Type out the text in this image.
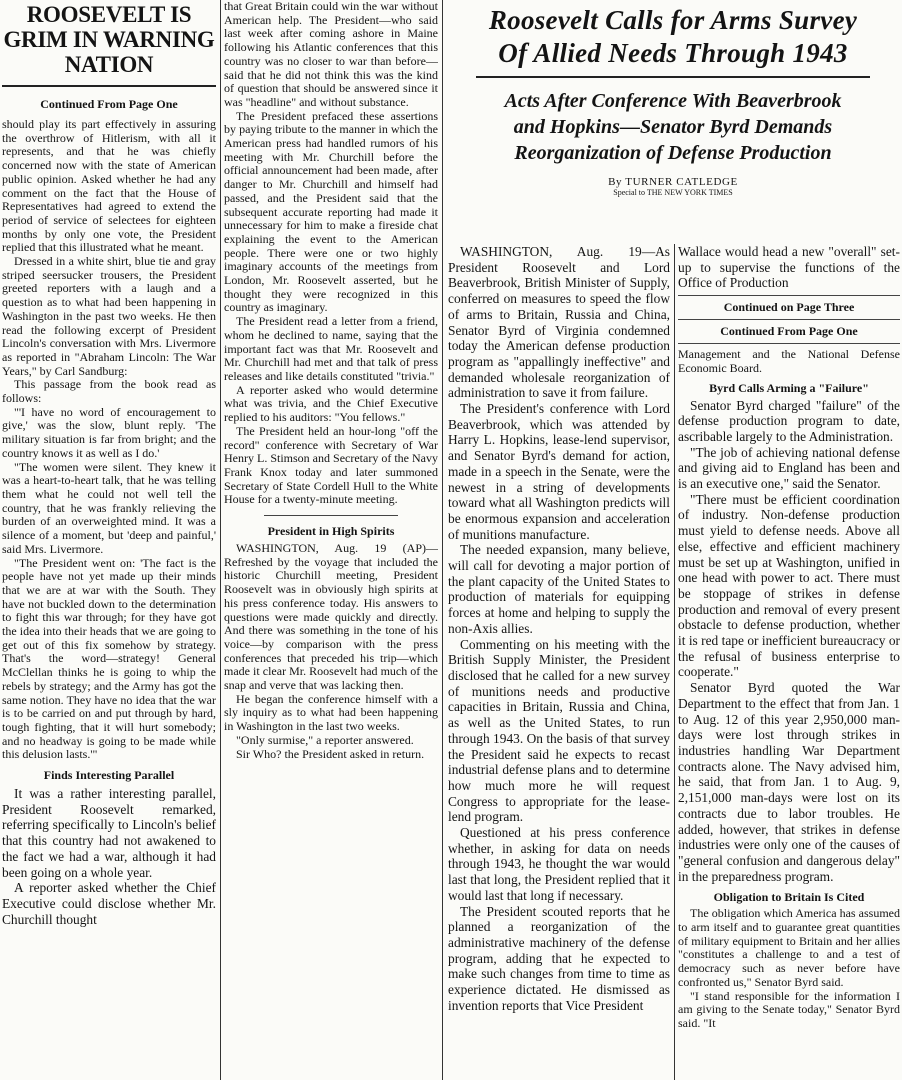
ROOSEVELT IS GRIM IN WARNING NATION
Continued From Page One

should play its part effectively in assuring the overthrow of Hitlerism, with all it represents, and that he was chiefly concerned now with the state of American public opinion. Asked whether he had any comment on the fact that the House of Representatives had agreed to extend the period of service of selectees for eighteen months by only one vote, the President replied that this illustrated what he meant.

Dressed in a white shirt, blue tie and gray striped seersucker trousers, the President greeted reporters with a laugh and a question as to what had been happening in Washington in the past two weeks. He then read the following excerpt of President Lincoln's conversation with Mrs. Livermore as reported in "Abraham Lincoln: The War Years," by Carl Sandburg:

This passage from the book read as follows:

"'I have no word of encouragement to give,' was the slow, blunt reply. 'The military situation is far from bright; and the country knows it as well as I do.'

"The women were silent. They knew it was a heart-to-heart talk, that he was telling them what he could not well tell the country, that he was frankly relieving the burden of an overweighted mind. It was a silence of a moment, but 'deep and painful,' said Mrs. Livermore.

"The President went on: 'The fact is the people have not yet made up their minds that we are at war with the South. They have not buckled down to the determination to fight this war through; for they have got the idea into their heads that we are going to get out of this fix somehow by strategy. That's the word—strategy! General McClellan thinks he is going to whip the rebels by strategy; and the Army has got the same notion. They have no idea that the war is to be carried on and put through by hard, tough fighting, that it will hurt somebody; and no headway is going to be made while this delusion lasts.'"

Finds Interesting Parallel

It was a rather interesting parallel, President Roosevelt remarked, referring specifically to Lincoln's belief that this country had not awakened to the fact we had a war, although it had been going on a whole year.

A reporter asked whether the Chief Executive could disclose whether Mr. Churchill thought

that Great Britain could win the war without American help. The President—who said last week after coming ashore in Maine following his Atlantic conferences that this country was no closer to war than before—said that he did not think this was the kind of question that should be answered since it was "headline" and without substance.

The President prefaced these assertions by paying tribute to the manner in which the American press had handled rumors of his meeting with Mr. Churchill before the official announcement had been made, after danger to Mr. Churchill and himself had passed, and the President said that the subsequent accurate reporting had made it unnecessary for him to make a fireside chat explaining the event to the American people. There were one or two highly imaginary accounts of the meetings from London, Mr. Roosevelt asserted, but he thought they were recognized in this country as imaginary.

The President read a letter from a friend, whom he declined to name, saying that the important fact was that Mr. Roosevelt and Mr. Churchill had met and that talk of press releases and like details constituted "trivia."

A reporter asked who would determine what was trivia, and the Chief Executive replied to his auditors: "You fellows."

The President held an hour-long "off the record" conference with Secretary of War Henry L. Stimson and Secretary of the Navy Frank Knox today and later summoned Secretary of State Cordell Hull to the White House for a twenty-minute meeting.

President in High Spirits

WASHINGTON, Aug. 19 (AP)—Refreshed by the voyage that included the historic Churchill meeting, President Roosevelt was in obviously high spirits at his press conference today. His answers to questions were made quickly and directly. And there was something in the tone of his voice—by comparison with the press conferences that preceded his trip—which made it clear Mr. Roosevelt had much of the snap and verve that was lacking then.

He began the conference himself with a sly inquiry as to what had been happening in Washington in the last two weeks.

"Only surmise," a reporter answered.

Sir Who? the President asked in return.

Roosevelt Calls for Arms Survey
Of Allied Needs Through 1943
Acts After Conference With Beaverbrook
and Hopkins—Senator Byrd Demands
Reorganization of Defense Production
By TURNER CATLEDGE
Special to THE NEW YORK TIMES

WASHINGTON, Aug. 19—As President Roosevelt and Lord Beaverbrook, British Minister of Supply, conferred on measures to speed the flow of arms to Britain, Russia and China, Senator Byrd of Virginia condemned today the American defense production program as "appallingly ineffective" and demanded wholesale reorganization of administration to save it from failure.

The President's conference with Lord Beaverbrook, which was attended by Harry L. Hopkins, lease-lend supervisor, and Senator Byrd's demand for action, made in a speech in the Senate, were the newest in a string of developments toward what all Washington predicts will be enormous expansion and acceleration of munitions manufacture.

The needed expansion, many believe, will call for devoting a major portion of the plant capacity of the United States to production of materials for equipping forces at home and helping to supply the non-Axis allies.

Commenting on his meeting with the British Supply Minister, the President disclosed that he called for a new survey of munitions needs and productive capacities in Britain, Russia and China, as well as the United States, to run through 1943. On the basis of that survey the President said he expects to recast industrial defense plans and to determine how much more he will request Congress to appropriate for the lease-lend program.

Questioned at his press conference whether, in asking for data on needs through 1943, he thought the war would last that long, the President replied that it would last that long if necessary.

The President scouted reports that he planned a reorganization of the administrative machinery of the defense program, adding that he expected to make such changes from time to time as experience dictated. He dismissed as invention reports that Vice President

Wallace would head a new "overall" set-up to supervise the functions of the Office of Production

Continued on Page Three
Continued From Page One

Management and the National Defense Economic Board.

Byrd Calls Arming a "Failure"

Senator Byrd charged "failure" of the defense production program to date, ascribable largely to the Administration.

"The job of achieving national defense and giving aid to England has been and is an executive one," said the Senator.

"There must be efficient coordination of industry. Non-defense production must yield to defense needs. Above all else, effective and efficient machinery must be set up at Washington, unified in one head with power to act. There must be stoppage of strikes in defense production and removal of every present obstacle to defense production, whether it is red tape or inefficient bureaucracy or the refusal of business enterprise to cooperate."

Senator Byrd quoted the War Department to the effect that from Jan. 1 to Aug. 12 of this year 2,950,000 man-days were lost through strikes in industries handling War Department contracts alone. The Navy advised him, he said, that from Jan. 1 to Aug. 9, 2,151,000 man-days were lost on its contracts due to labor troubles. He added, however, that strikes in defense industries were only one of the causes of "general confusion and dangerous delay" in the preparedness program.

Obligation to Britain Is Cited

The obligation which America has assumed to arm itself and to guarantee great quantities of military equipment to Britain and her allies "constitutes a challenge to and a test of democracy such as never before have confronted us," Senator Byrd said.

"I stand responsible for the information I am giving to the Senate today," Senator Byrd said. "It
